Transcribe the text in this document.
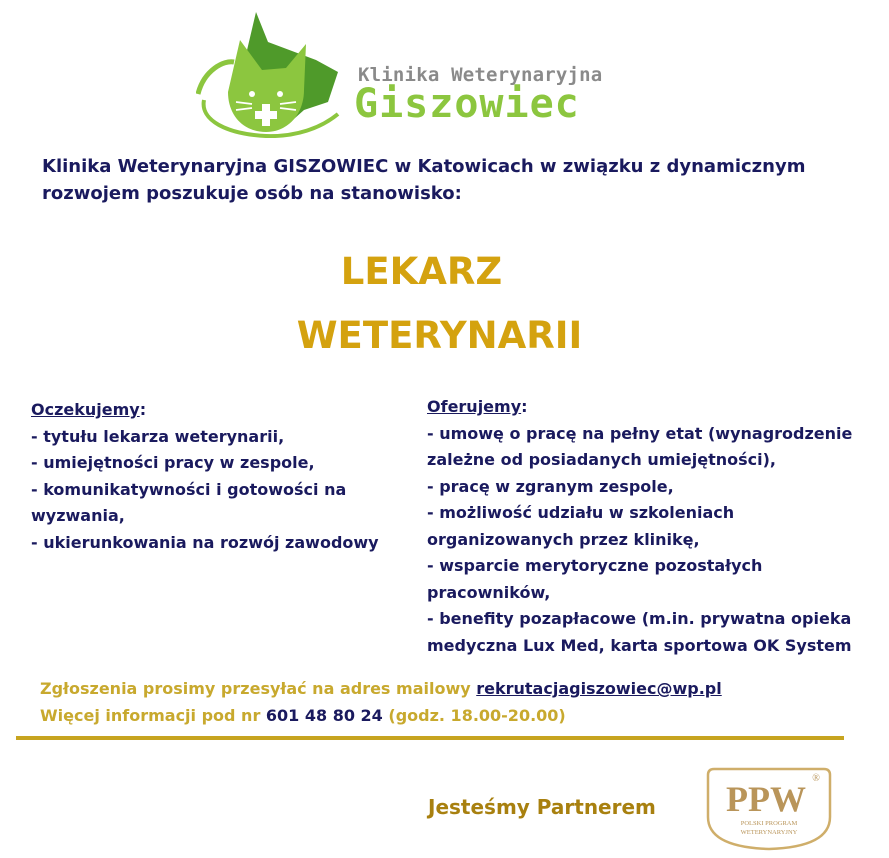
Klinika Weterynaryjna
Giszowiec
Klinika Weterynaryjna GISZOWIEC w Katowicach w związku z dynamicznym
rozwojem poszukuje osób na stanowisko:
LEKARZ
WETERYNARII
Oczekujemy:
- tytułu lekarza weterynarii,
- umiejętności pracy w zespole,
- komunikatywności i gotowości na
wyzwania,
- ukierunkowania na rozwój zawodowy
Oferujemy:
- umowę o pracę na pełny etat (wynagrodzenie
zależne od posiadanych umiejętności),
- pracę w zgranym zespole,
- możliwość udziału w szkoleniach
organizowanych przez klinikę,
- wsparcie merytoryczne pozostałych
pracowników,
- benefity pozapłacowe (m.in. prywatna opieka
medyczna Lux Med, karta sportowa OK System
Zgłoszenia prosimy przesyłać na adres mailowy rekrutacjagiszowiec@wp.pl
Więcej informacji pod nr 601 48 80 24 (godz. 18.00-20.00)
Jesteśmy Partnerem PPW
®
POLSKI PROGRAM
WETERYNARYJNY
